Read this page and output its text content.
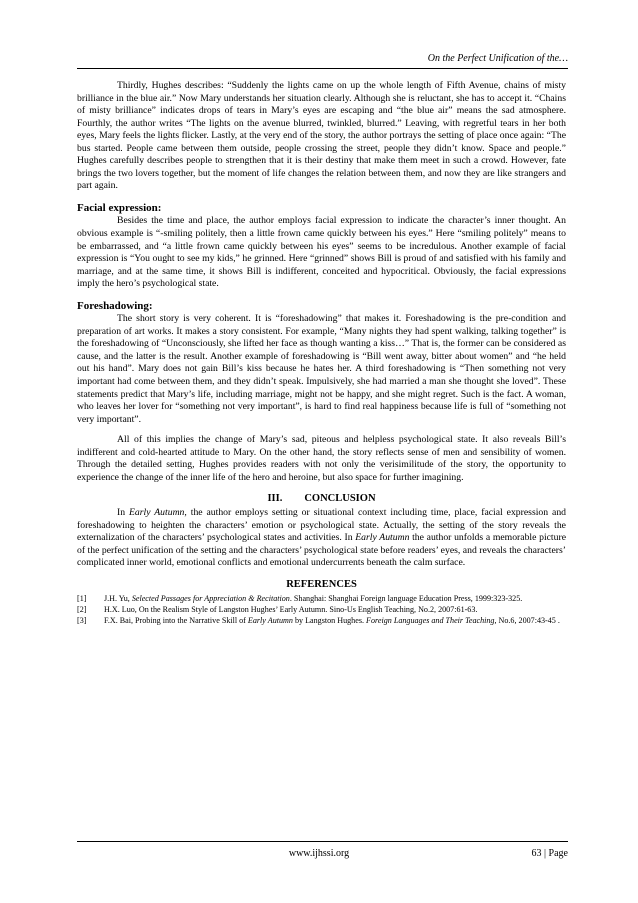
On the Perfect Unification of the…

Thirdly, Hughes describes: “Suddenly the lights came on up the whole length of Fifth Avenue, chains of misty brilliance in the blue air.” Now Mary understands her situation clearly. Although she is reluctant, she has to accept it. “Chains of misty brilliance” indicates drops of tears in Mary’s eyes are escaping and “the blue air” means the sad atmosphere. Fourthly, the author writes “The lights on the avenue blurred, twinkled, blurred.” Leaving, with regretful tears in her both eyes, Mary feels the lights flicker. Lastly, at the very end of the story, the author portrays the setting of place once again: “The bus started. People came between them outside, people crossing the street, people they didn’t know. Space and people.” Hughes carefully describes people to strengthen that it is their destiny that make them meet in such a crowd. However, fate brings the two lovers together, but the moment of life changes the relation between them, and now they are like strangers and part again.

Facial expression:

Besides the time and place, the author employs facial expression to indicate the character’s inner thought. An obvious example is “-smiling politely, then a little frown came quickly between his eyes.” Here “smiling politely” means to be embarrassed, and “a little frown came quickly between his eyes” seems to be incredulous. Another example of facial expression is “You ought to see my kids,” he grinned. Here “grinned” shows Bill is proud of and satisfied with his family and marriage, and at the same time, it shows Bill is indifferent, conceited and hypocritical. Obviously, the facial expressions imply the hero’s psychological state.

Foreshadowing:

The short story is very coherent. It is “foreshadowing” that makes it. Foreshadowing is the pre-condition and preparation of art works. It makes a story consistent. For example, “Many nights they had spent walking, talking together” is the foreshadowing of “Unconsciously, she lifted her face as though wanting a kiss…” That is, the former can be considered as cause, and the latter is the result. Another example of foreshadowing is “Bill went away, bitter about women” and “he held out his hand”. Mary does not gain Bill’s kiss because he hates her. A third foreshadowing is “Then something not very important had come between them, and they didn’t speak. Impulsively, she had married a man she thought she loved”. These statements predict that Mary’s life, including marriage, might not be happy, and she might regret. Such is the fact. A woman, who leaves her lover for “something not very important”, is hard to find real happiness because life is full of “something not very important”.

All of this implies the change of Mary’s sad, piteous and helpless psychological state. It also reveals Bill’s indifferent and cold-hearted attitude to Mary. On the other hand, the story reflects sense of men and sensibility of women. Through the detailed setting, Hughes provides readers with not only the verisimilitude of the story, the opportunity to experience the change of the inner life of the hero and heroine, but also space for further imagining.

III. CONCLUSION

In Early Autumn, the author employs setting or situational context including time, place, facial expression and foreshadowing to heighten the characters’ emotion or psychological state. Actually, the setting of the story reveals the externalization of the characters’ psychological states and activities. In Early Autumn the author unfolds a memorable picture of the perfect unification of the setting and the characters’ psychological state before readers’ eyes, and reveals the characters’ complicated inner world, emotional conflicts and emotional undercurrents beneath the calm surface.

REFERENCES
[1]	J.H. Yu, Selected Passages for Appreciation & Recitation. Shanghai: Shanghai Foreign language Education Press, 1999:323-325.
[2]	H.X. Luo, On the Realism Style of Langston Hughes’ Early Autumn. Sino-Us English Teaching, No.2, 2007:61-63.
[3]	F.X. Bai, Probing into the Narrative Skill of Early Autumn by Langston Hughes. Foreign Languages and Their Teaching, No.6, 2007:43-45 .
www.ijhssi.org	63 | Page
